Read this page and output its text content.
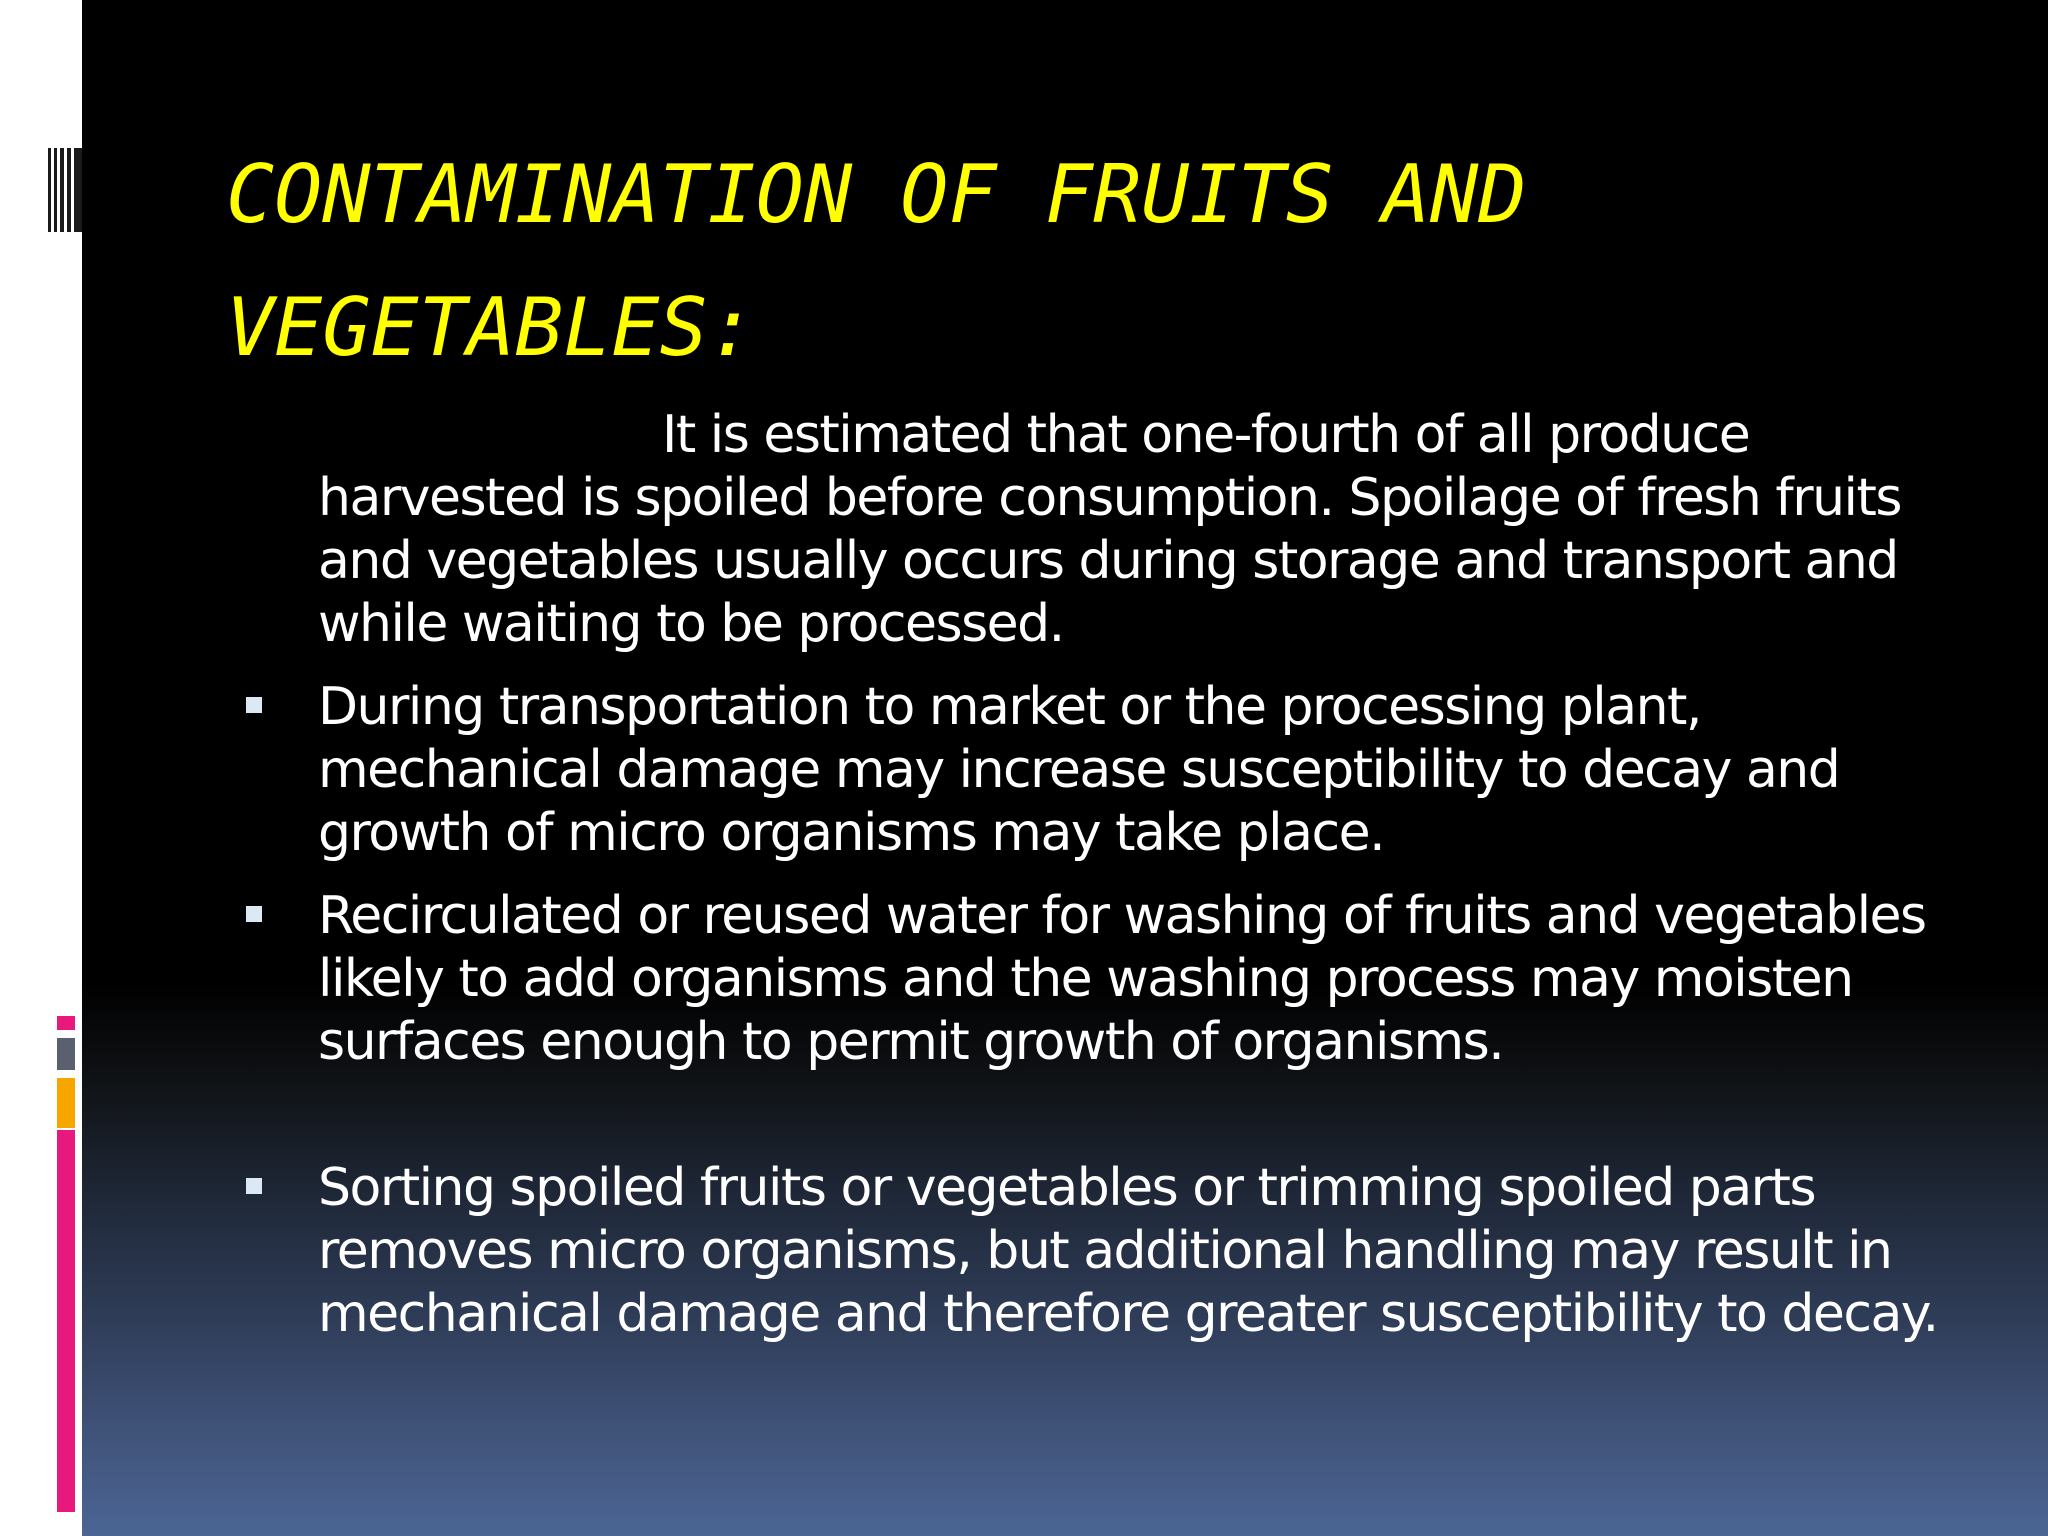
CONTAMINATION OF FRUITS AND VEGETABLES:

It is estimated that one-fourth of all produce harvested is spoiled before consumption. Spoilage of fresh fruits and vegetables usually occurs during storage and transport and while waiting to be processed.

During transportation to market or the processing plant, mechanical damage may increase susceptibility to decay and growth of micro organisms may take place.

Recirculated or reused water for washing of fruits and vegetables likely to add organisms and the washing process may moisten surfaces enough to permit growth of organisms.

Sorting spoiled fruits or vegetables or trimming spoiled parts removes micro organisms, but additional handling may result in mechanical damage and therefore greater susceptibility to decay.
